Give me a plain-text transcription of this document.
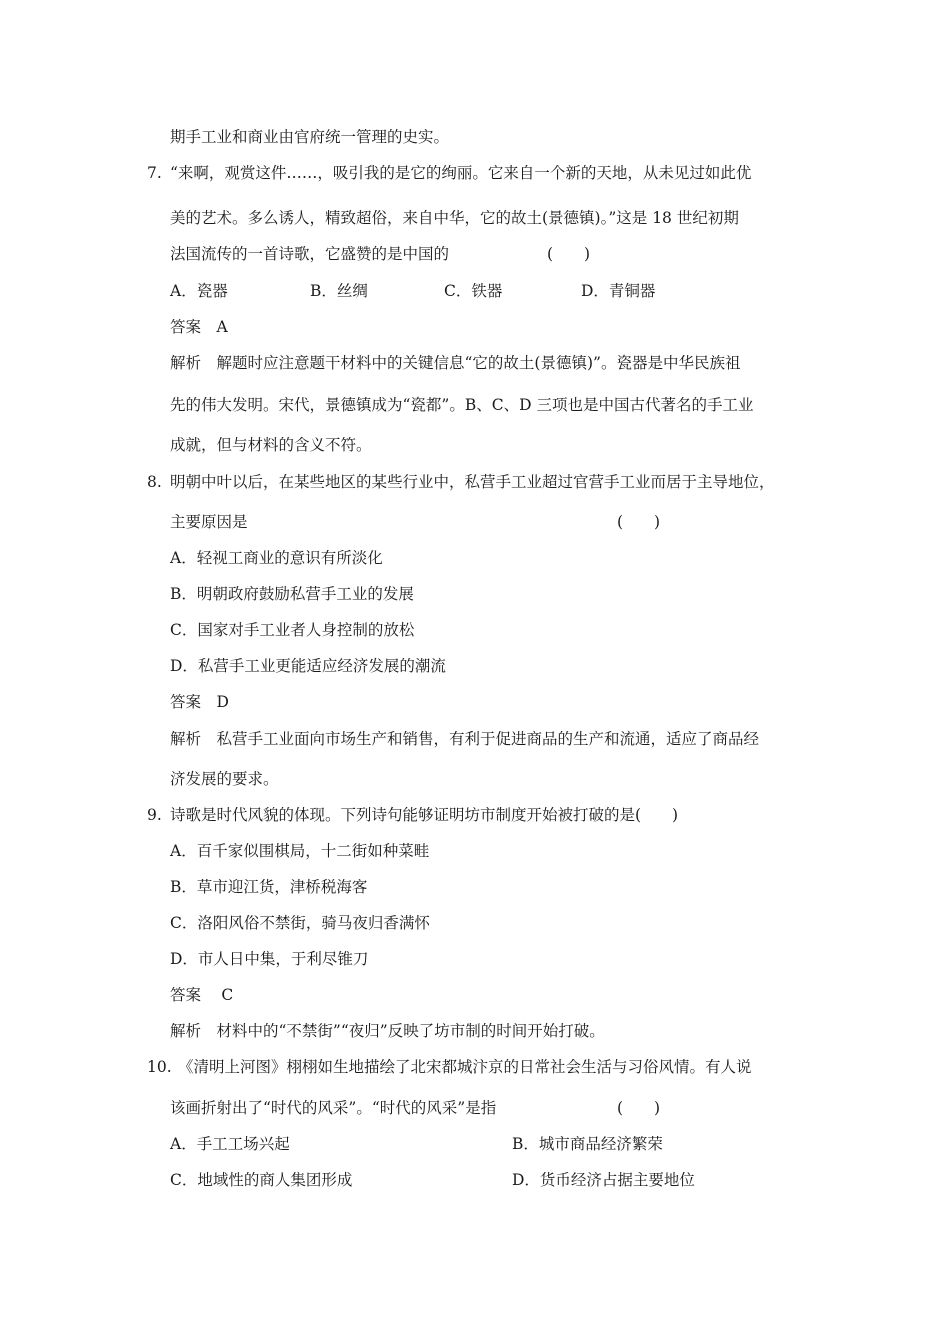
期手工业和商业由官府统一管理的史实。
7. “来啊，观赏这件……，吸引我的是它的绚丽。它来自一个新的天地，从未见过如此优
美的艺术。多么诱人，精致超俗，来自中华，它的故土(景德镇)。”这是 18 世纪初期
法国流传的一首诗歌，它盛赞的是中国的	(　　)
A．瓷器	B．丝绸	C．铁器	D．青铜器
答案　A
解析　解题时应注意题干材料中的关键信息“它的故土(景德镇)”。瓷器是中华民族祖
先的伟大发明。宋代，景德镇成为“瓷都”。B、C、D 三项也是中国古代著名的手工业
成就，但与材料的含义不符。
8. 明朝中叶以后，在某些地区的某些行业中，私营手工业超过官营手工业而居于主导地位，
主要原因是	(　　)
A．轻视工商业的意识有所淡化
B．明朝政府鼓励私营手工业的发展
C．国家对手工业者人身控制的放松
D．私营手工业更能适应经济发展的潮流
答案　D
解析　私营手工业面向市场生产和销售，有利于促进商品的生产和流通，适应了商品经
济发展的要求。
9. 诗歌是时代风貌的体现。下列诗句能够证明坊市制度开始被打破的是(　　)
A．百千家似围棋局，十二街如种菜畦
B．草市迎江货，津桥税海客
C．洛阳风俗不禁街，骑马夜归香满怀
D．市人日中集，于利尽锥刀
答案　 C
解析　材料中的“不禁街”“夜归”反映了坊市制的时间开始打破。
10. 《清明上河图》栩栩如生地描绘了北宋都城汴京的日常社会生活与习俗风情。有人说
该画折射出了“时代的风采”。“时代的风采”是指	(　　)
A．手工工场兴起	B．城市商品经济繁荣
C．地域性的商人集团形成	D．货币经济占据主要地位
